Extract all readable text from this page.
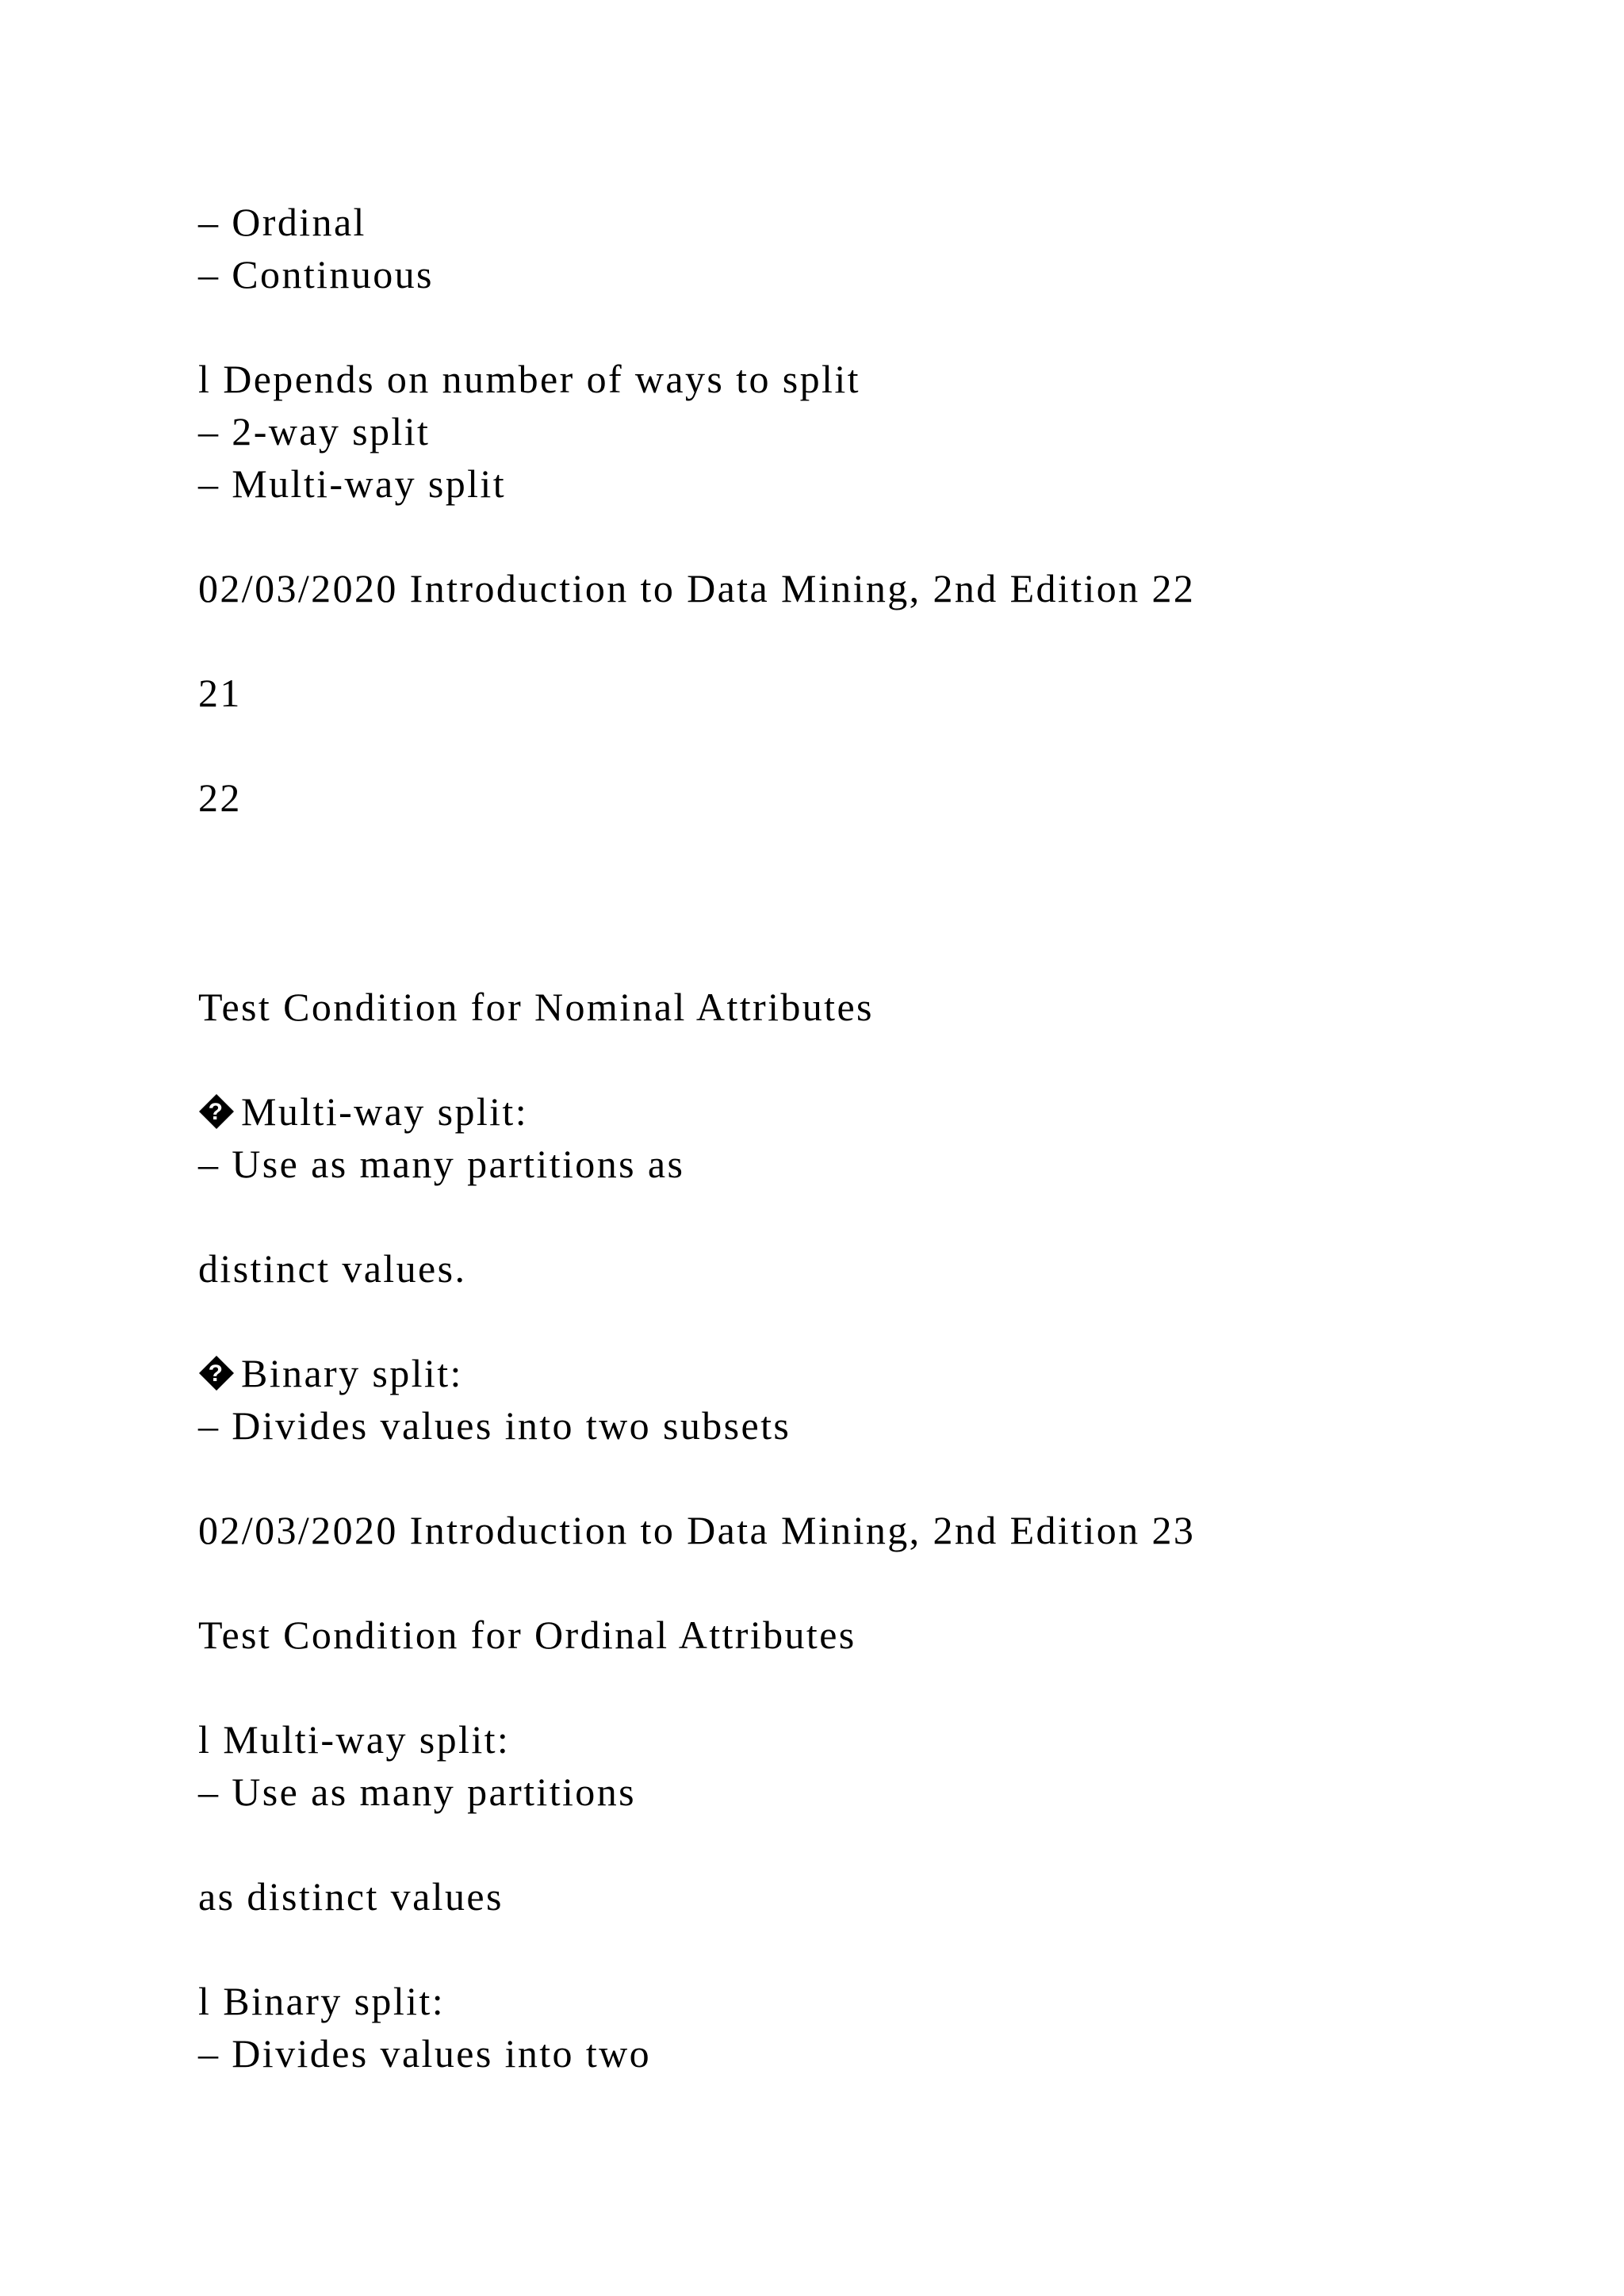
– Ordinal
– Continuous
l Depends on number of ways to split
– 2-way split
– Multi-way split
02/03/2020 Introduction to Data Mining, 2nd Edition 22
21
22
Test Condition for Nominal Attributes
? Multi-way split:
– Use as many partitions as
distinct values.
? Binary split:
– Divides values into two subsets
02/03/2020 Introduction to Data Mining, 2nd Edition 23
Test Condition for Ordinal Attributes
l Multi-way split:
– Use as many partitions
as distinct values
l Binary split:
– Divides values into two
